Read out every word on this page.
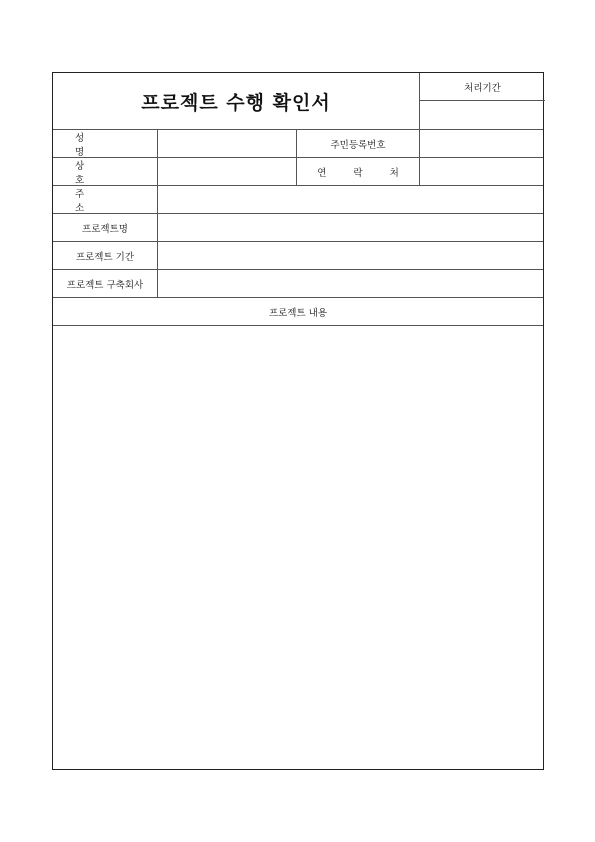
프로젝트 수행 확인서
처리기간
성 명
주민등록번호
상 호
연 락 처
주 소
프로젝트명
프로젝트 기간
프로젝트 구축회사
프로젝트 내용
